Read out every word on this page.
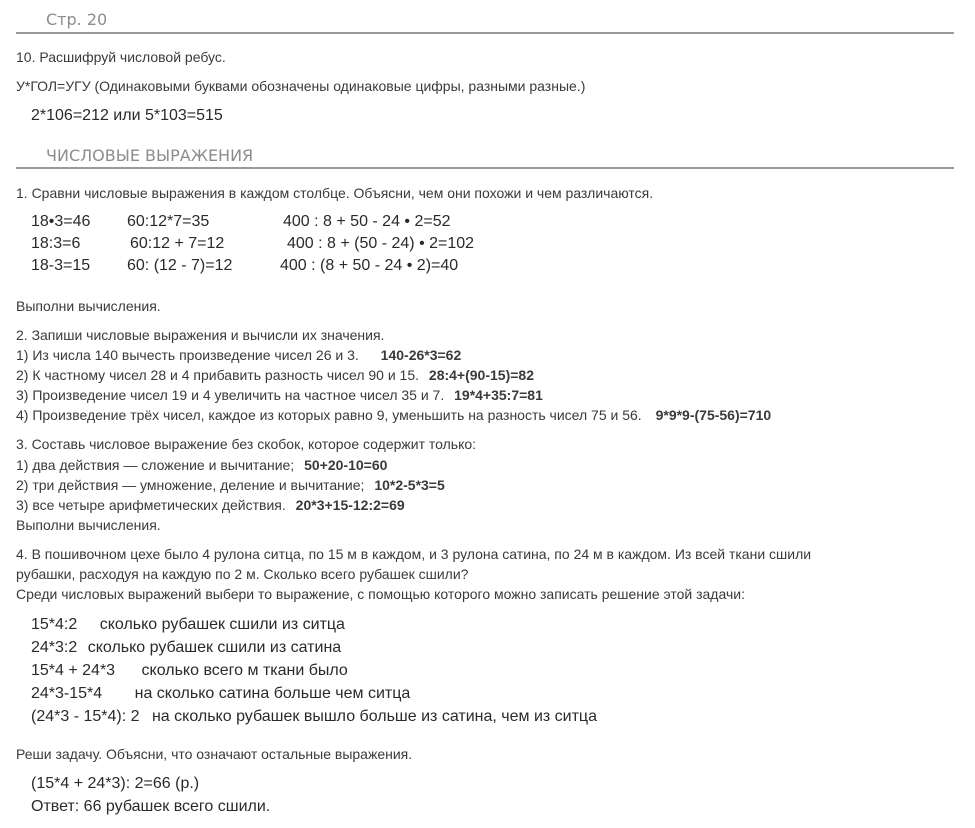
Стр. 20
10. Расшифруй числовой ребус.
У*ГОЛ=УГУ (Одинаковыми буквами обозначены одинаковые цифры, разными разные.)
2*106=212 или 5*103=515
ЧИСЛОВЫЕ ВЫРАЖЕНИЯ
1. Сравни числовые выражения в каждом столбце. Объясни, чем они похожи и чем различаются.
18•3=46
18:3=6
18-3=15
60:12*7=35
60:12 + 7=12
60: (12 - 7)=12
400 : 8 + 50 - 24 • 2=52
400 : 8 + (50 - 24) • 2=102
400 : (8 + 50 - 24 • 2)=40
Выполни вычисления.
2. Запиши числовые выражения и вычисли их значения.
1) Из числа 140 вычесть произведение чисел 26 и 3. 140-26*3=62
2) К частному чисел 28 и 4 прибавить разность чисел 90 и 15. 28:4+(90-15)=82
3) Произведение чисел 19 и 4 увеличить на частное чисел 35 и 7. 19*4+35:7=81
4) Произведение трёх чисел, каждое из которых равно 9, уменьшить на разность чисел 75 и 56. 9*9*9-(75-56)=710
3. Составь числовое выражение без скобок, которое содержит только:
1) два действия — сложение и вычитание; 50+20-10=60
2) три действия — умножение, деление и вычитание; 10*2-5*3=5
3) все четыре арифметических действия. 20*3+15-12:2=69
Выполни вычисления.
4. В пошивочном цехе было 4 рулона ситца, по 15 м в каждом, и 3 рулона сатина, по 24 м в каждом. Из всей ткани сшили
рубашки, расходуя на каждую по 2 м. Сколько всего рубашек сшили?
Среди числовых выражений выбери то выражение, с помощью которого можно записать решение этой задачи:
15*4:2 сколько рубашек сшили из ситца
24*3:2 сколько рубашек сшили из сатина
15*4 + 24*3 сколько всего м ткани было
24*3-15*4 на сколько сатина больше чем ситца
(24*3 - 15*4): 2 на сколько рубашек вышло больше из сатина, чем из ситца
Реши задачу. Объясни, что означают остальные выражения.
(15*4 + 24*3): 2=66 (р.)
Ответ: 66 рубашек всего сшили.
